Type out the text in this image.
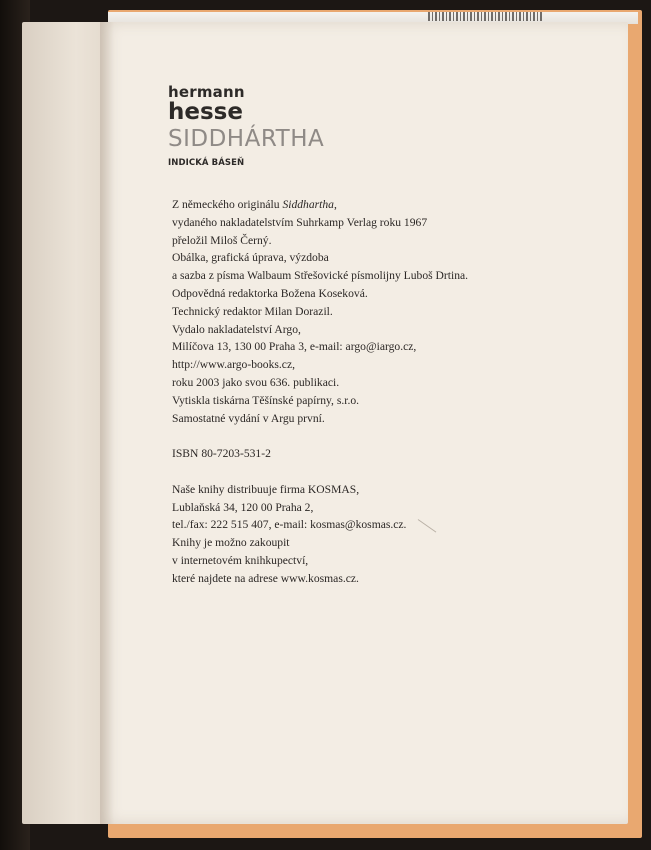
hermann
hesse
SIDDHÁRTHA
INDICKÁ BÁSEŇ
Z německého originálu Siddhartha,
vydaného nakladatelstvím Suhrkamp Verlag roku 1967
přeložil Miloš Černý.
Obálka, grafická úprava, výzdoba
a sazba z písma Walbaum Střešovické písmolijny Luboš Drtina.
Odpovědná redaktorka Božena Koseková.
Technický redaktor Milan Dorazil.
Vydalo nakladatelství Argo,
Milíčova 13, 130 00 Praha 3, e-mail: argo@iargo.cz,
http://www.argo-books.cz,
roku 2003 jako svou 636. publikaci.
Vytiskla tiskárna Těšínské papírny, s.r.o.
Samostatné vydání v Argu první.
ISBN 80-7203-531-2
Naše knihy distribuuje firma KOSMAS,
Lublaňská 34, 120 00 Praha 2,
tel./fax: 222 515 407, e-mail: kosmas@kosmas.cz.
Knihy je možno zakoupit
v internetovém knihkupectví,
které najdete na adrese www.kosmas.cz.
